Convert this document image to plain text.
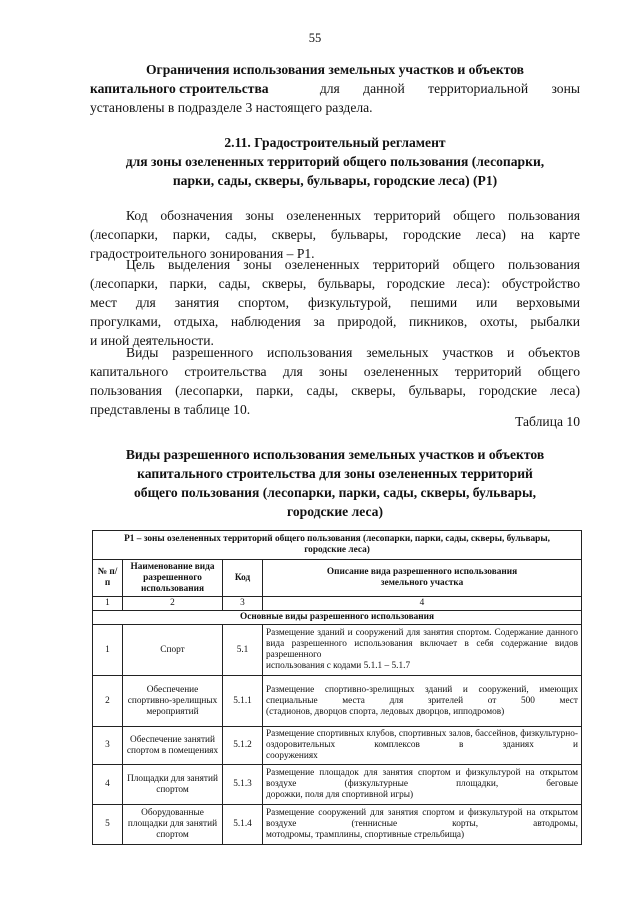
55
Ограничения использования земельных участков и объектов
капитального строительства	для данной территориальной зоны
установлены в подразделе 3 настоящего раздела.
2.11. Градостроительный регламент
для зоны озелененных территорий общего пользования (лесопарки,
парки, сады, скверы, бульвары, городские леса) (Р1)
Код обозначения зоны озелененных территорий общего пользования
(лесопарки, парки, сады, скверы, бульвары, городские леса) на карте
градостроительного зонирования – Р1.
Цель выделения зоны озелененных территорий общего пользования
(лесопарки, парки, сады, скверы, бульвары, городские леса): обустройство
мест для занятия спортом, физкультурой, пешими или верховыми
прогулками, отдыха, наблюдения за природой, пикников, охоты, рыбалки
и иной деятельности.
Виды разрешенного использования земельных участков и объектов
капитального строительства для зоны озелененных территорий общего
пользования (лесопарки, парки, сады, скверы, бульвары, городские леса)
представлены в таблице 10.
Таблица 10
Виды разрешенного использования земельных участков и объектов
капитального строительства для зоны озелененных территорий
общего пользования (лесопарки, парки, сады, скверы, бульвары,
городские леса)
Р1 – зоны озелененных территорий общего пользования (лесопарки, парки, сады, скверы, бульвары, городские леса)			
№ п/п	Наименование вида разрешенного использования	Код	Описание вида разрешенного использования земельного участка
1	2	3	4
Основные виды разрешенного использования			
1	Спорт	5.1	Размещение зданий и сооружений для занятия спортом. Содержание данного вида разрешенного использования включает в себя содержание видов разрешенного
использования с кодами 5.1.1 – 5.1.7

2	Обеспечение спортивно-зрелищных мероприятий	5.1.1	Размещение спортивно-зрелищных зданий и сооружений, имеющих специальные места для зрителей от 500 мест
(стадионов, дворцов спорта, ледовых дворцов, ипподромов)

3	Обеспечение занятий спортом в помещениях	5.1.2	Размещение спортивных клубов, спортивных залов, бассейнов, физкультурно-оздоровительных комплексов в зданиях и
сооружениях

4	Площадки для занятий спортом	5.1.3	Размещение площадок для занятия спортом и физкультурой на открытом воздухе (физкультурные площадки, беговые
дорожки, поля для спортивной игры)

5	Оборудованные площадки для занятий спортом	5.1.4	Размещение сооружений для занятия спортом и физкультурой на открытом воздухе (теннисные корты, автодромы,
мотодромы, трамплины, спортивные стрельбища)
